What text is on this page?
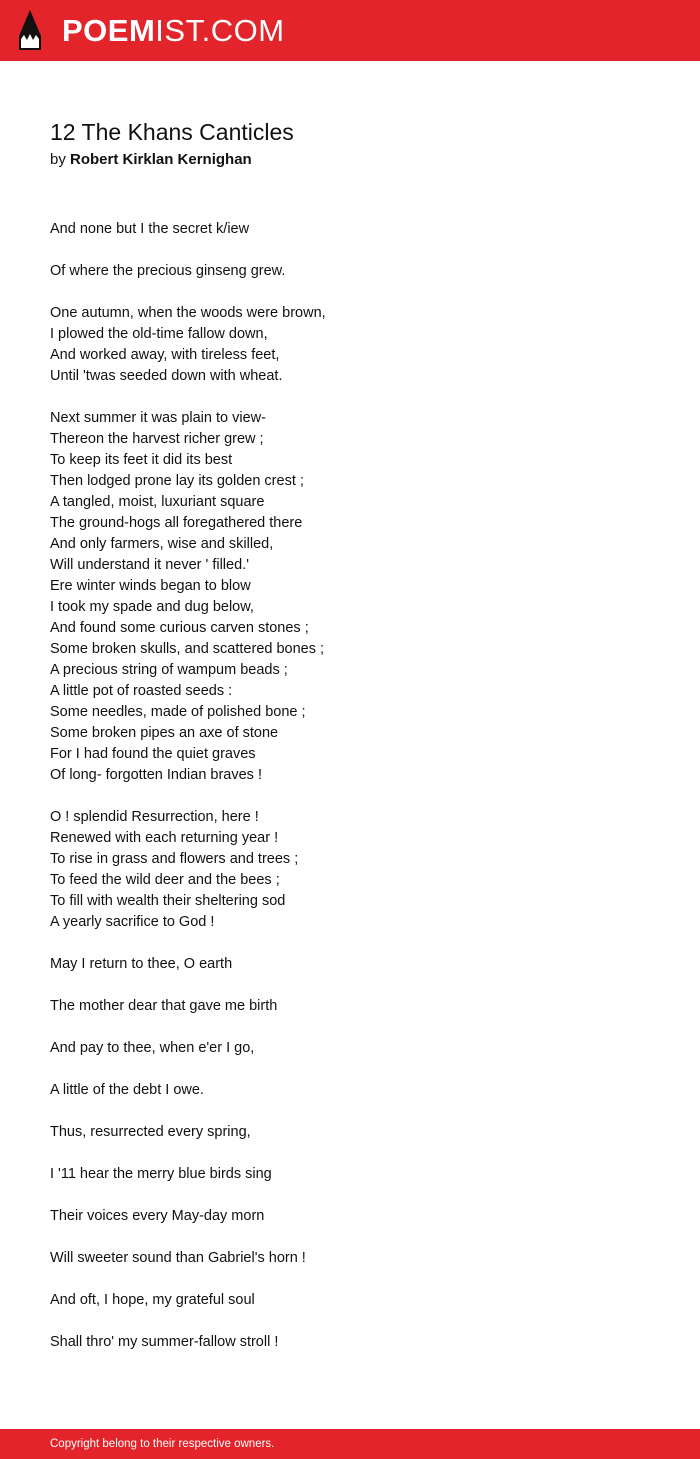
POEMIST.COM
12 The Khans Canticles
by Robert Kirklan Kernighan
And none but I the secret k/iew
Of where the precious ginseng grew.
One autumn, when the woods were brown,
I plowed the old-time fallow down,
And worked away, with tireless feet,
Until 'twas seeded down with wheat.
Next summer it was plain to view-
Thereon the harvest richer grew ;
To keep its feet it did its best
Then lodged prone lay its golden crest ;
A tangled, moist, luxuriant square
The ground-hogs all foregathered there
And only farmers, wise and skilled,
Will understand it never ' filled.'
Ere winter winds began to blow
I took my spade and dug below,
And found some curious carven stones ;
Some broken skulls, and scattered bones ;
A precious string of wampum beads ;
A little pot of roasted seeds :
Some needles, made of polished bone ;
Some broken pipes an axe of stone
For I had found the quiet graves
Of long- forgotten Indian braves !
O ! splendid Resurrection, here !
Renewed with each returning year !
To rise in grass and flowers and trees ;
To feed the wild deer and the bees ;
To fill with wealth their sheltering sod
A yearly sacrifice to God !
May I return to thee, O earth
The mother dear that gave me birth
And pay to thee, when e'er I go,
A little of the debt I owe.
Thus, resurrected every spring,
I '11 hear the merry blue birds sing
Their voices every May-day morn
Will sweeter sound than Gabriel's horn !
And oft, I hope, my grateful soul
Shall thro' my summer-fallow stroll !
Copyright belong to their respective owners.
